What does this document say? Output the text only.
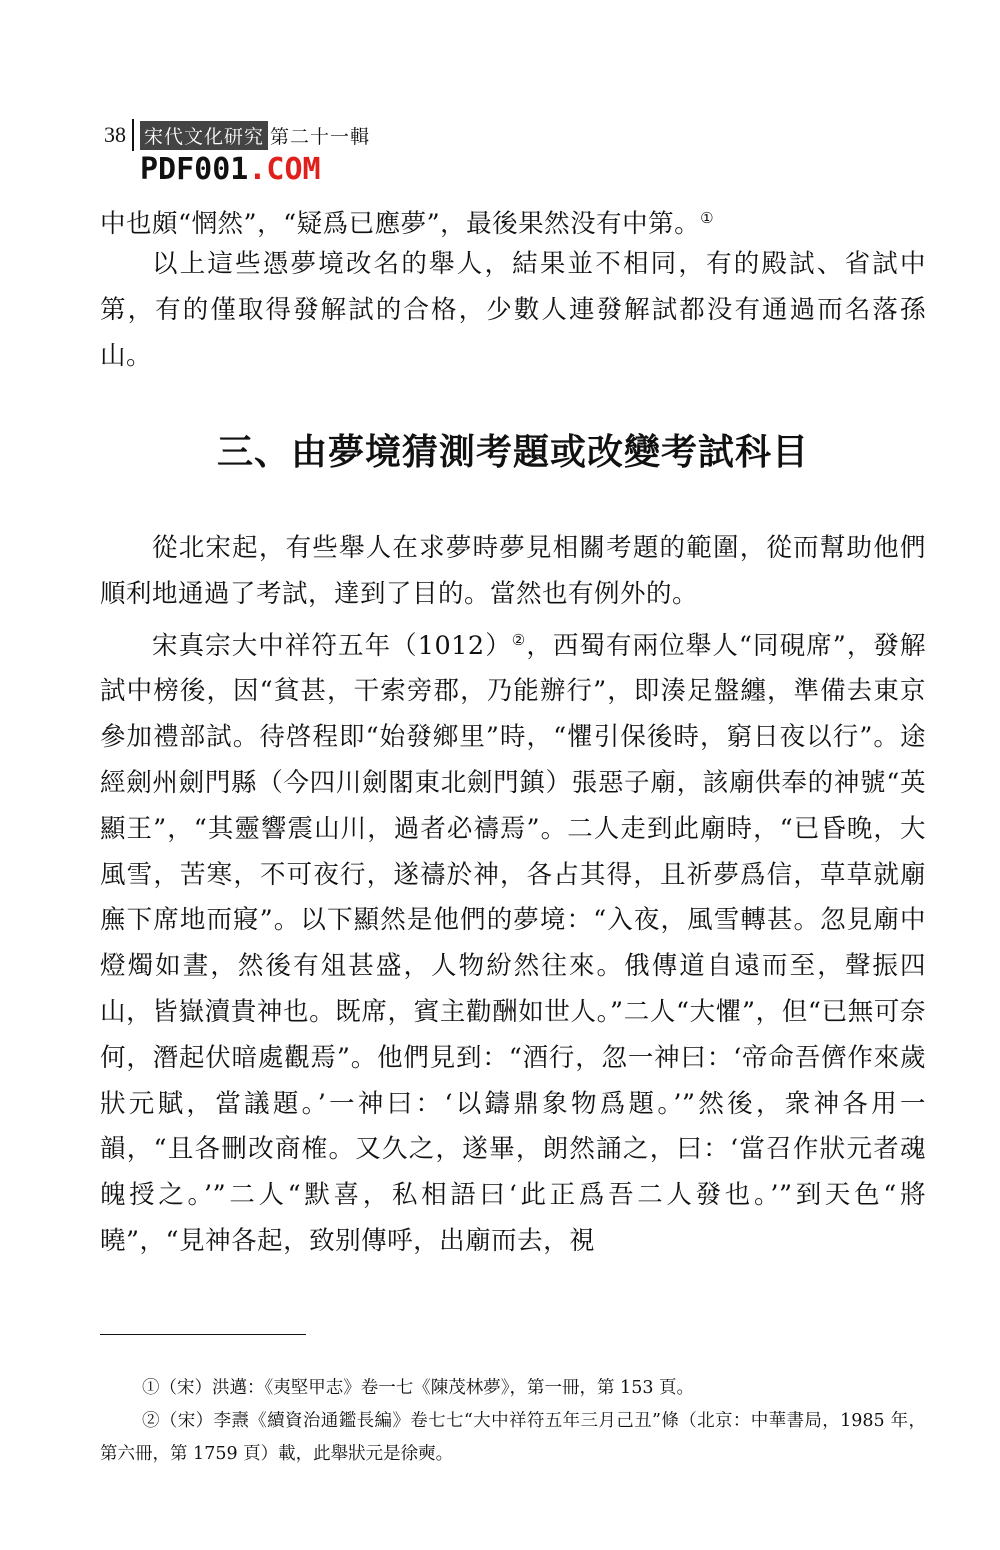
38 宋代文化研究 第二十一輯
PDF001.COM

中也頗“惘然”，“疑爲已應夢”，最後果然没有中第。①

以上這些憑夢境改名的舉人，結果並不相同，有的殿試、省試中第，有的僅取得發解試的合格，少數人連發解試都没有通過而名落孫山。

三、由夢境猜測考題或改變考試科目

從北宋起，有些舉人在求夢時夢見相關考題的範圍，從而幫助他們順利地通過了考試，達到了目的。當然也有例外的。

宋真宗大中祥符五年（1012）②，西蜀有兩位舉人“同硯席”，發解試中榜後，因“貧甚，干索旁郡，乃能辦行”，即湊足盤纏，準備去東京參加禮部試。待啓程即“始發鄉里”時，“懼引保後時，窮日夜以行”。途經劍州劍門縣（今四川劍閣東北劍門鎮）張惡子廟，該廟供奉的神號“英顯王”，“其靈響震山川，過者必禱焉”。二人走到此廟時，“已昏晚，大風雪，苦寒，不可夜行，遂禱於神，各占其得，且祈夢爲信，草草就廟廡下席地而寢”。以下顯然是他們的夢境：“入夜，風雪轉甚。忽見廟中燈燭如晝，然後有俎甚盛，人物紛然往來。俄傳道自遠而至，聲振四山，皆嶽瀆貴神也。既席，賓主勸酬如世人。”二人“大懼”，但“已無可奈何，潛起伏暗處觀焉”。他們見到：“酒行，忽一神曰：‘帝命吾儕作來歲狀元賦，當議題。’一神曰：‘以鑄鼎象物爲題。’”然後，衆神各用一韻，“且各刪改商榷。又久之，遂畢，朗然誦之，曰：‘當召作狀元者魂魄授之。’”二人“默喜，私相語曰‘此正爲吾二人發也。’”到天色“將曉”，“見神各起，致别傳呼，出廟而去，視

①（宋）洪邁：《夷堅甲志》卷一七《陳茂林夢》，第一冊，第 153 頁。

②（宋）李燾《續資治通鑑長編》卷七七“大中祥符五年三月己丑”條（北京：中華書局，1985 年，第六冊，第 1759 頁）載，此舉狀元是徐奭。
